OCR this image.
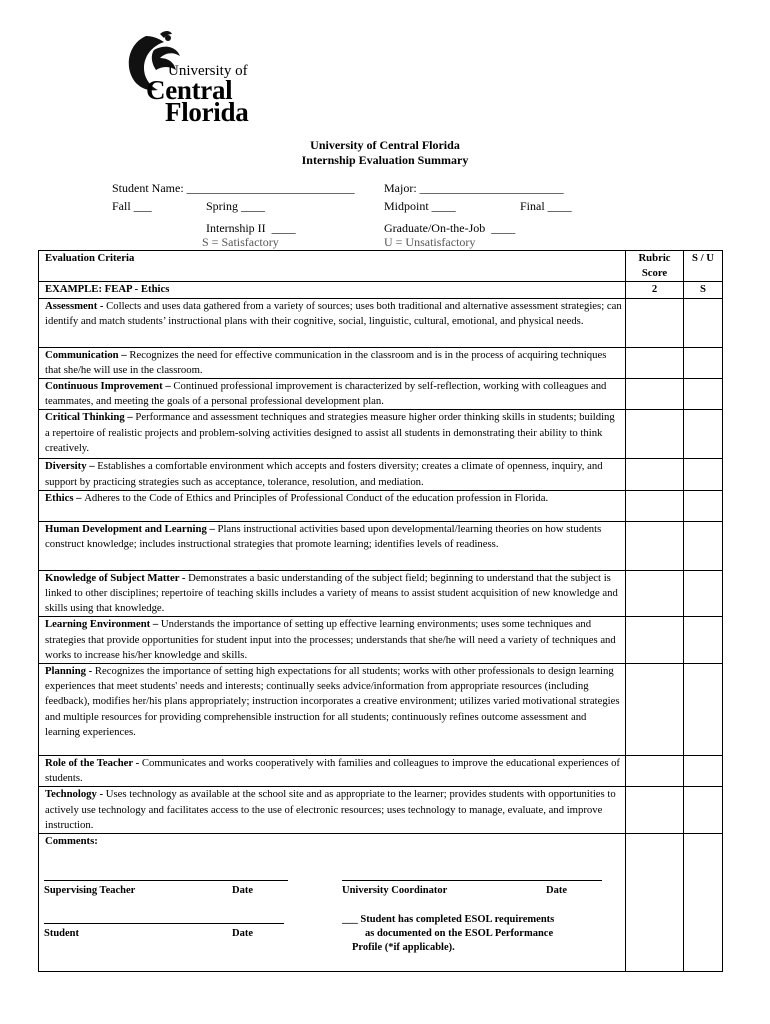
University of
Central
Florida
University of Central Florida
Internship Evaluation Summary
Student Name: ____________________________ Major: ________________________
Fall ___	Spring ____	Midpoint ____	Final ____
Internship II  ____	Graduate/On-the-Job  ____
S = Satisfactory	U = Unsatisfactory
Evaluation Criteria	Rubric Score	S / U
EXAMPLE: FEAP - Ethics	2	S
Assessment - Collects and uses data gathered from a variety of sources; uses both traditional and alternative assessment strategies; can identify and match students’ instructional plans with their cognitive, social, linguistic, cultural, emotional, and physical needs.		
Communication – Recognizes the need for effective communication in the classroom and is in the process of acquiring techniques that she/he will use in the classroom.		
Continuous Improvement – Continued professional improvement is characterized by self-reflection, working with colleagues and teammates, and meeting the goals of a personal professional development plan.		
Critical Thinking – Performance and assessment techniques and strategies measure higher order thinking skills in students; building a repertoire of realistic projects and problem-solving activities designed to assist all students in demonstrating their ability to think creatively.		
Diversity – Establishes a comfortable environment which accepts and fosters diversity; creates a climate of openness, inquiry, and support by practicing strategies such as acceptance, tolerance, resolution, and mediation.		
Ethics – Adheres to the Code of Ethics and Principles of Professional Conduct of the education profession in Florida.		
Human Development and Learning – Plans instructional activities based upon developmental/learning theories on how students construct knowledge; includes instructional strategies that promote learning; identifies levels of readiness.		
Knowledge of Subject Matter - Demonstrates a basic understanding of the subject field; beginning to understand that the subject is linked to other disciplines; repertoire of teaching skills includes a variety of means to assist student acquisition of new knowledge and skills using that knowledge.		
Learning Environment – Understands the importance of setting up effective learning environments; uses some techniques and strategies that provide opportunities for student input into the processes; understands that she/he will need a variety of techniques and works to increase his/her knowledge and skills.		
Planning - Recognizes the importance of setting high expectations for all students; works with other professionals to design learning experiences that meet students' needs and interests; continually seeks advice/information from appropriate resources (including feedback), modifies her/his plans appropriately; instruction incorporates a creative environment; utilizes varied motivational strategies and multiple resources for providing comprehensible instruction for all students; continuously refines outcome assessment and learning experiences.		
Role of the Teacher - Communicates and works cooperatively with families and colleagues to improve the educational experiences of students.		
Technology - Uses technology as available at the school site and as appropriate to the learner; provides students with opportunities to actively use technology and facilitates access to the use of electronic resources; uses technology to manage, evaluate, and improve instruction.		
Comments:		
Supervising Teacher	Date	University Coordinator	Date
Student	Date
___ Student has completed ESOL requirements
as documented on the ESOL Performance
Profile (*if applicable).
